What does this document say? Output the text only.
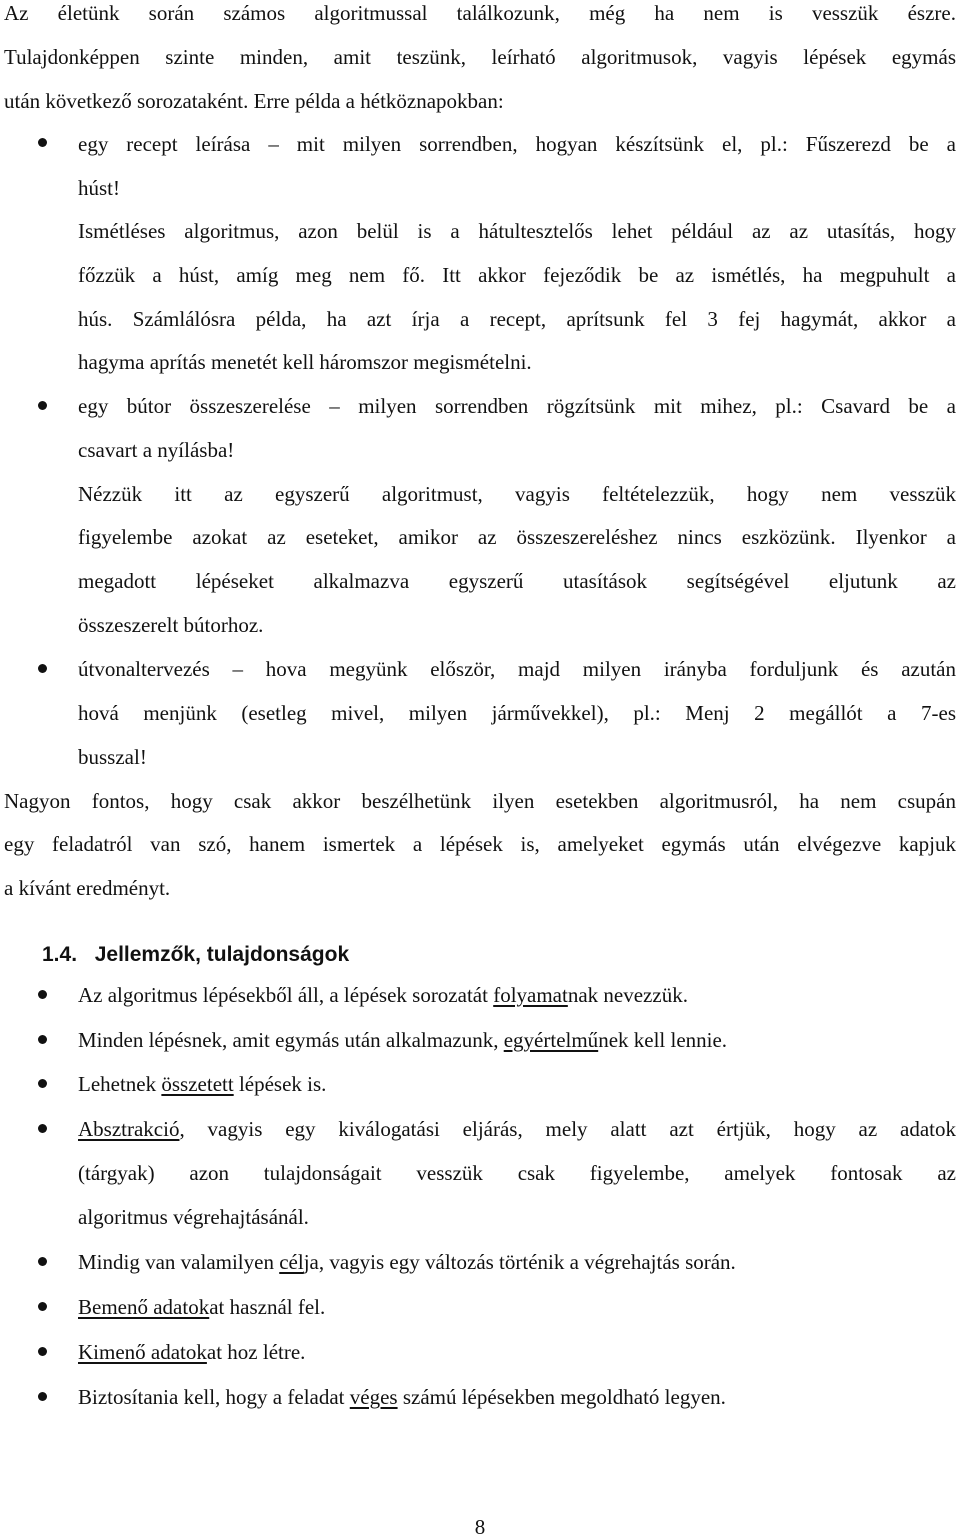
Az életünk során számos algoritmussal találkozunk, még ha nem is vesszük észre.
Tulajdonképpen szinte minden, amit teszünk, leírható algoritmusok, vagyis lépések egymás
után következő sorozataként. Erre példa a hétköznapokban:
egy recept leírása – mit milyen sorrendben, hogyan készítsünk el, pl.: Fűszerezd be a
húst!
Ismétléses algoritmus, azon belül is a hátultesztelős lehet például az az utasítás, hogy
főzzük a húst, amíg meg nem fő. Itt akkor fejeződik be az ismétlés, ha megpuhult a
hús. Számlálósra példa, ha azt írja a recept, aprítsunk fel 3 fej hagymát, akkor a
hagyma aprítás menetét kell háromszor megismételni.
egy bútor összeszerelése – milyen sorrendben rögzítsünk mit mihez, pl.: Csavard be a
csavart a nyílásba!
Nézzük itt az egyszerű algoritmust, vagyis feltételezzük, hogy nem vesszük
figyelembe azokat az eseteket, amikor az összeszereléshez nincs eszközünk. Ilyenkor a
megadott lépéseket alkalmazva egyszerű utasítások segítségével eljutunk az
összeszerelt bútorhoz.
útvonaltervezés – hova megyünk először, majd milyen irányba forduljunk és azután
hová menjünk (esetleg mivel, milyen járművekkel), pl.: Menj 2 megállót a 7-es
busszal!
Nagyon fontos, hogy csak akkor beszélhetünk ilyen esetekben algoritmusról, ha nem csupán
egy feladatról van szó, hanem ismertek a lépések is, amelyeket egymás után elvégezve kapjuk
a kívánt eredményt.
1.4. Jellemzők, tulajdonságok
Az algoritmus lépésekből áll, a lépések sorozatát folyamatnak nevezzük.
Minden lépésnek, amit egymás után alkalmazunk, egyértelműnek kell lennie.
Lehetnek összetett lépések is.
Absztrakció, vagyis egy kiválogatási eljárás, mely alatt azt értjük, hogy az adatok
(tárgyak) azon tulajdonságait vesszük csak figyelembe, amelyek fontosak az
algoritmus végrehajtásánál.
Mindig van valamilyen célja, vagyis egy változás történik a végrehajtás során.
Bemenő adatokat használ fel.
Kimenő adatokat hoz létre.
Biztosítania kell, hogy a feladat véges számú lépésekben megoldható legyen.
8
